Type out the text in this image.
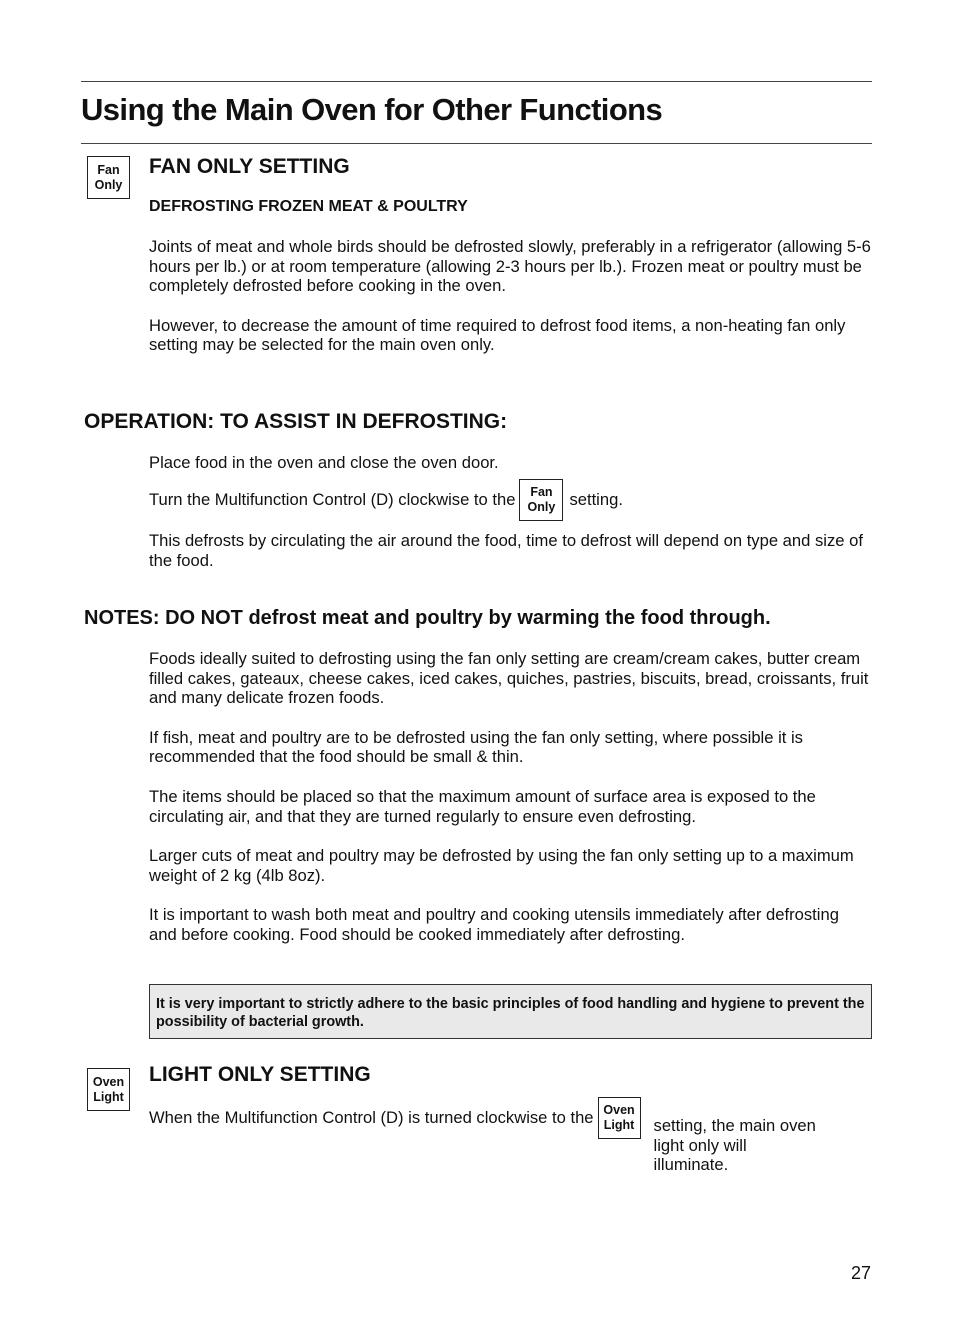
Using the Main Oven for Other Functions
Fan
Only
FAN ONLY SETTING
DEFROSTING FROZEN MEAT & POULTRY

Joints of meat and whole birds should be defrosted slowly, preferably in a refrigerator (allowing 5-6 hours per lb.) or at room temperature (allowing 2-3 hours per lb.). Frozen meat or poultry must be completely defrosted before cooking in the oven.

However, to decrease the amount of time required to defrost food items, a non-heating fan only setting may be selected for the main oven only.

OPERATION: TO ASSIST IN DEFROSTING:
Place food in the oven and close the oven door.
Turn the Multifunction Control (D) clockwise to the	Fan
Only setting.
This defrosts by circulating the air around the food, time to defrost will depend on type and size of the food.
NOTES: DO NOT defrost meat and poultry by warming the food through.

Foods ideally suited to defrosting using the fan only setting are cream/cream cakes, butter cream filled cakes, gateaux, cheese cakes, iced cakes, quiches, pastries, biscuits, bread, croissants, fruit and many delicate frozen foods.

If fish, meat and poultry are to be defrosted using the fan only setting, where possible it is recommended that the food should be small & thin.

The items should be placed so that the maximum amount of surface area is exposed to the circulating air, and that they are turned regularly to ensure even defrosting.

Larger cuts of meat and poultry may be defrosted by using the fan only setting up to a maximum weight of 2 kg (4lb 8oz).

It is important to wash both meat and poultry and cooking utensils immediately after defrosting and before cooking. Food should be cooked immediately after defrosting.

It is very important to strictly adhere to the basic principles of food handling and hygiene to prevent the possibility of bacterial growth.
Oven
Light
LIGHT ONLY SETTING
When the Multifunction Control (D) is turned clockwise to the Oven
Light	setting, the main oven light only will illuminate.
27
